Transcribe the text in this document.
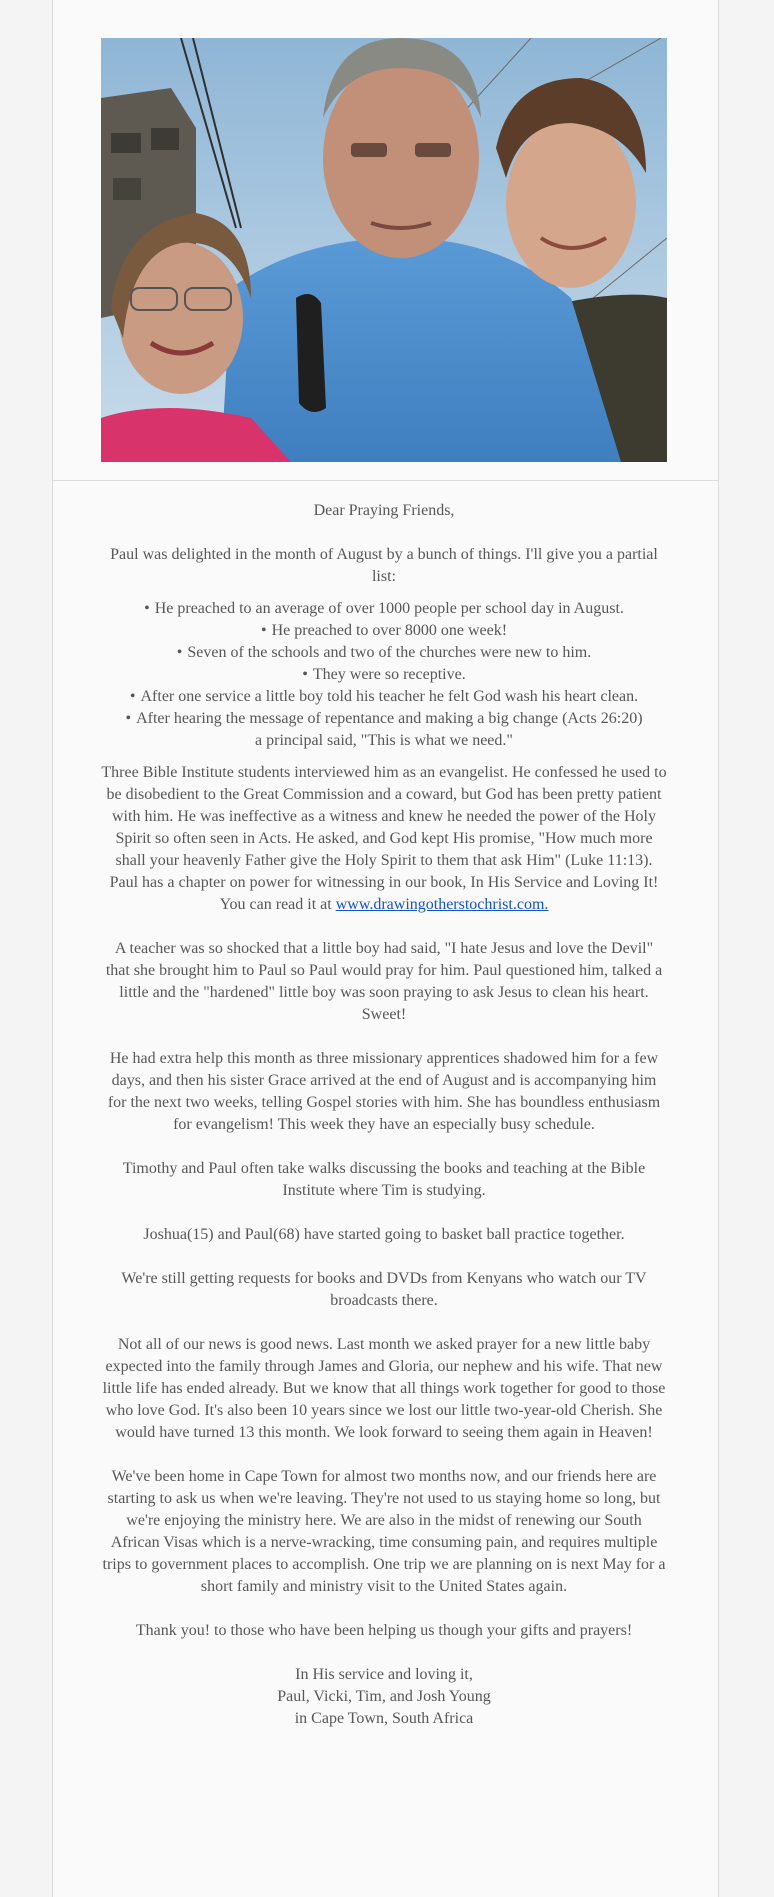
Dear Praying Friends,

Paul was delighted in the month of August by a bunch of things. I'll give you a partial list:

• He preached to an average of over 1000 people per school day in August.
• He preached to over 8000 one week!
• Seven of the schools and two of the churches were new to him.
• They were so receptive.
• After one service a little boy told his teacher he felt God wash his heart clean.
• After hearing the message of repentance and making a big change (Acts 26:20) a principal said, "This is what we need."

Three Bible Institute students interviewed him as an evangelist. He confessed he used to be disobedient to the Great Commission and a coward, but God has been pretty patient with him. He was ineffective as a witness and knew he needed the power of the Holy Spirit so often seen in Acts. He asked, and God kept His promise, "How much more shall your heavenly Father give the Holy Spirit to them that ask Him" (Luke 11:13). Paul has a chapter on power for witnessing in our book, In His Service and Loving It! You can read it at www.drawingotherstochrist.com.

A teacher was so shocked that a little boy had said, "I hate Jesus and love the Devil" that she brought him to Paul so Paul would pray for him. Paul questioned him, talked a little and the "hardened" little boy was soon praying to ask Jesus to clean his heart. Sweet!

He had extra help this month as three missionary apprentices shadowed him for a few days, and then his sister Grace arrived at the end of August and is accompanying him for the next two weeks, telling Gospel stories with him. She has boundless enthusiasm for evangelism! This week they have an especially busy schedule.

Timothy and Paul often take walks discussing the books and teaching at the Bible Institute where Tim is studying.

Joshua(15) and Paul(68) have started going to basket ball practice together.

We're still getting requests for books and DVDs from Kenyans who watch our TV broadcasts there.

Not all of our news is good news. Last month we asked prayer for a new little baby expected into the family through James and Gloria, our nephew and his wife. That new little life has ended already. But we know that all things work together for good to those who love God. It's also been 10 years since we lost our little two-year-old Cherish. She would have turned 13 this month. We look forward to seeing them again in Heaven!

We've been home in Cape Town for almost two months now, and our friends here are starting to ask us when we're leaving. They're not used to us staying home so long, but we're enjoying the ministry here. We are also in the midst of renewing our South African Visas which is a nerve-wracking, time consuming pain, and requires multiple trips to government places to accomplish. One trip we are planning on is next May for a short family and ministry visit to the United States again.

Thank you! to those who have been helping us though your gifts and prayers!

In His service and loving it,
Paul, Vicki, Tim, and Josh Young
in Cape Town, South Africa
